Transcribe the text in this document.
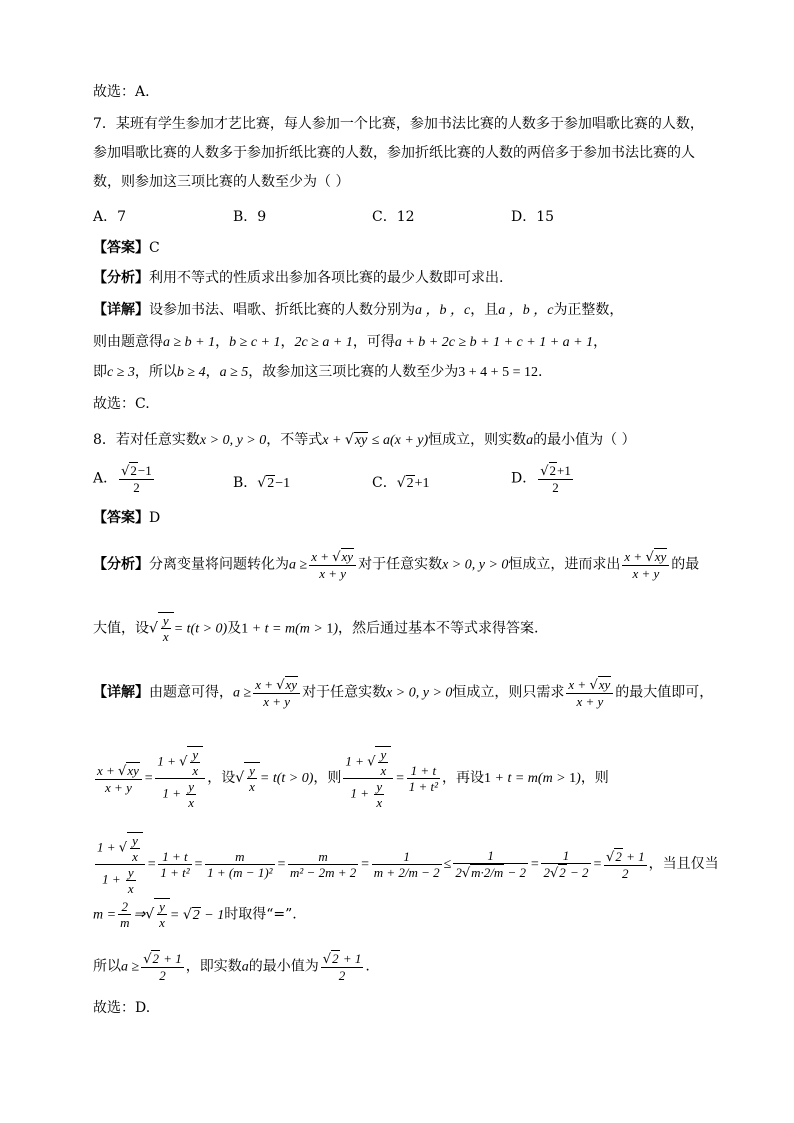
故选：A.
7．某班有学生参加才艺比赛，每人参加一个比赛，参加书法比赛的人数多于参加唱歌比赛的人数，
参加唱歌比赛的人数多于参加折纸比赛的人数，参加折纸比赛的人数的两倍多于参加书法比赛的人
数，则参加这三项比赛的人数至少为（ ）
A．7	B．9	C．12	D．15
【答案】C
【分析】利用不等式的性质求出参加各项比赛的最少人数即可求出.
【详解】设参加书法、唱歌、折纸比赛的人数分别为a ，b ，c，且a ，b ，c为正整数，
则由题意得a ≥ b + 1，b ≥ c + 1，2c ≥ a + 1，可得a + b + 2c ≥ b + 1 + c + 1 + a + 1，
即c ≥ 3，所以b ≥ 4，a ≥ 5，故参加这三项比赛的人数至少为3 + 4 + 5 = 12.
故选：C.
8．若对任意实数x > 0, y > 0，不等式x + √xy ≤ a(x + y)恒成立，则实数a的最小值为（ ）
A． $\frac{√2-1}{2}$	B．√2−1	C．√2+1	D． $\frac{√2+1}{2}$
【答案】D
【分析】分离变量将问题转化为$a \ge \frac{x + √xy}{x + y}$ 对于任意实数x > 0, y > 0恒成立，进而求出 $\frac{x + √xy}{x + y}$ 的最
大值，设√ $\frac{y}{x} = t(t > 0)$及1 + t = m(m > 1)，然后通过基本不等式求得答案.
【详解】由题意可得，$a \ge \frac{x + √xy}{x + y}$ 对于任意实数x > 0, y > 0恒成立，则只需求 $\frac{x + √xy}{x + y}$ 的最大值即可，
$\frac{x + √xy}{x + y} = \frac{1 + √ \frac{y}{x}}{1 + \frac{y}{x}}$ ，设√ $\frac{y}{x} = t(t > 0)$，则 $\frac{1 + √ \frac{y}{x}}{1 + \frac{y}{x}} = \frac{1 + t}{\text{1 + t²}}$ ，再设1 + t = m(m > 1)，则
$\frac{1 + √ \frac{y}{x}}{1 + \frac{y}{x}} = \frac{1 + t}{\text{1 + t²}} = \frac{m}{\text{1 + (m − 1)²}} = \frac{m}{\text{m² − 2m + 2}} = \frac{1}{m + 2/m - 2} \le \frac{1}{2√m\cdot 2/m - 2} = \frac{1}{2√2 - 2} = \frac{√2 + 1}{2}$ ，当且仅当
$m = \frac{2}{m}$ ⇒√ $\frac{y}{x} = √2 - 1$时取得“=”.
所以$a \ge \frac{√2 + 1}{2}$ ，即实数a的最小值为 $\frac{√2 + 1}{2}$ .
故选：D.
